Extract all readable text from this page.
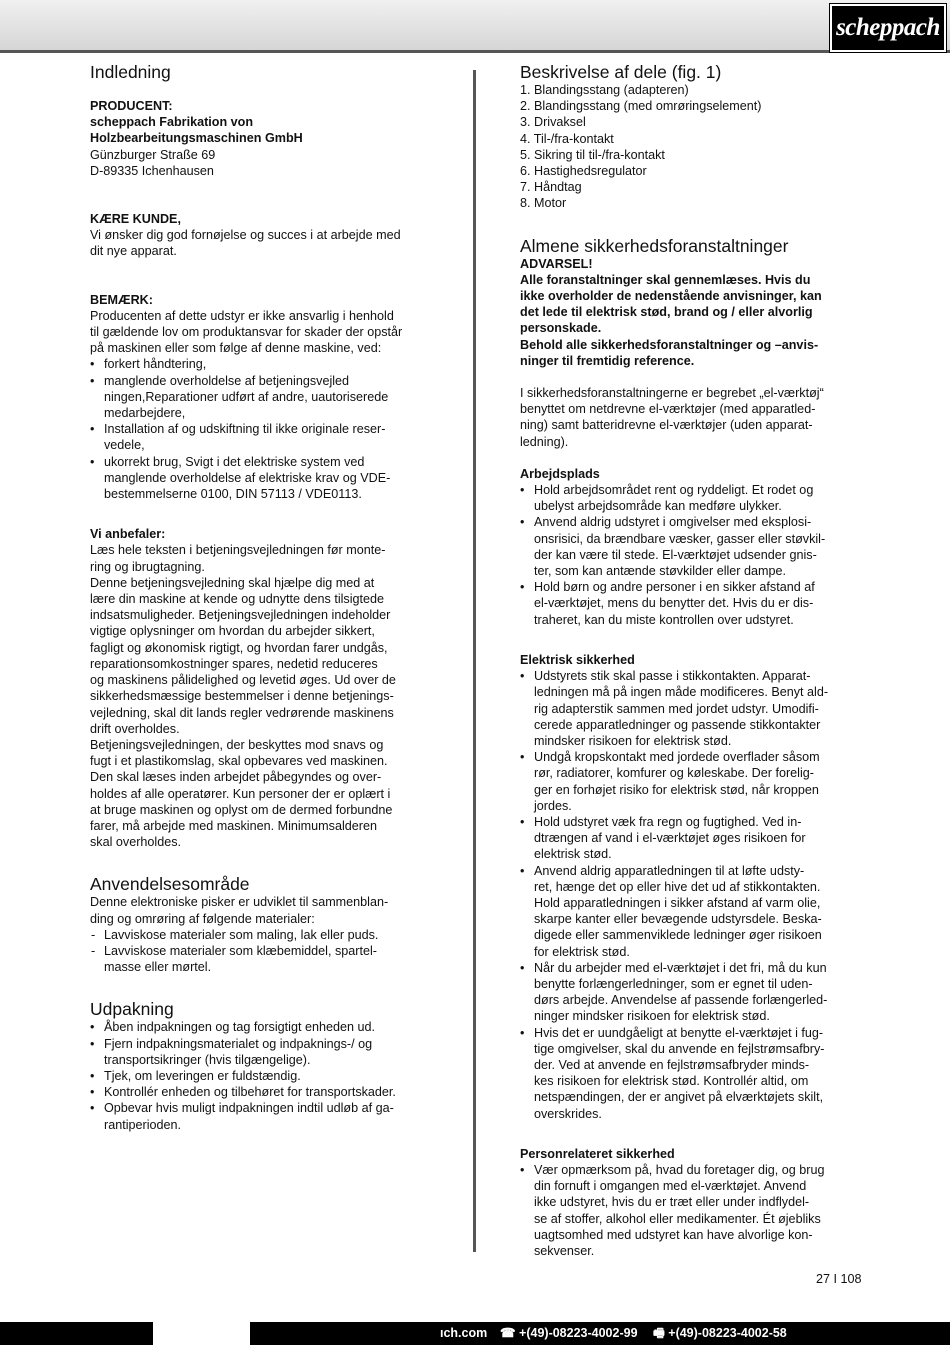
scheppach
Indledning
PRODUCENT:
scheppach Fabrikation von
Holzbearbeitungsmaschinen GmbH
Günzburger Straße 69
D-89335 Ichenhausen
KÆRE KUNDE,

Vi ønsker dig god fornøjelse og succes i at arbejde med
dit nye apparat.

BEMÆRK:

Producenten af dette udstyr er ikke ansvarlig i henhold
til gældende lov om produktansvar for skader der opstår
på maskinen eller som følge af denne maskine, ved:

• forkert håndtering,
• manglende overholdelse af betjeningsvejled
ningen,Reparationer udført af andre, uautoriserede
medarbejdere,
• Installation af og udskiftning til ikke originale reser-
vedele,
• ukorrekt brug, Svigt i det elektriske system ved
manglende overholdelse af elektriske krav og VDE-
bestemmelserne 0100, DIN 57113 / VDE0113.
Vi anbefaler:

Læs hele teksten i betjeningsvejledningen før monte-
ring og ibrugtagning.
Denne betjeningsvejledning skal hjælpe dig med at
lære din maskine at kende og udnytte dens tilsigtede
indsatsmuligheder. Betjeningsvejledningen indeholder
vigtige oplysninger om hvordan du arbejder sikkert,
fagligt og økonomisk rigtigt, og hvordan farer undgås,
reparationsomkostninger spares, nedetid reduceres
og maskinens pålidelighed og levetid øges. Ud over de
sikkerhedsmæssige bestemmelser i denne betjenings-
vejledning, skal dit lands regler vedrørende maskinens
drift overholdes.
Betjeningsvejledningen, der beskyttes mod snavs og
fugt i et plastikomslag, skal opbevares ved maskinen.
Den skal læses inden arbejdet påbegyndes og over-
holdes af alle operatører. Kun personer der er oplært i
at bruge maskinen og oplyst om de dermed forbundne
farer, må arbejde med maskinen. Minimumsalderen
skal overholdes.

Anvendelsesområde

Denne elektroniske pisker er udviklet til sammenblan-
ding og omrøring af følgende materialer:

- Lavviskose materialer som maling, lak eller puds.
- Lavviskose materialer som klæbemiddel, spartel-
masse eller mørtel.
Udpakning
• Åben indpakningen og tag forsigtigt enheden ud.
• Fjern indpakningsmaterialet og indpaknings-/ og
transportsikringer (hvis tilgængelige).
• Tjek, om leveringen er fuldstændig.
• Kontrollér enheden og tilbehøret for transportskader.
• Opbevar hvis muligt indpakningen indtil udløb af ga-
rantiperioden.
Beskrivelse af dele (fig. 1)
1. Blandingsstang (adapteren)
2. Blandingsstang (med omrøringselement)
3. Drivaksel
4. Til-/fra-kontakt
5. Sikring til til-/fra-kontakt
6. Hastighedsregulator
7. Håndtag
8. Motor
Almene sikkerhedsforanstaltninger
ADVARSEL!

Alle foranstaltninger skal gennemlæses. Hvis du
ikke overholder de nedenstående anvisninger, kan
det lede til elektrisk stød, brand og / eller alvorlig
personskade.
Behold alle sikkerhedsforanstaltninger og –anvis-
ninger til fremtidig reference.

I sikkerhedsforanstaltningerne er begrebet „el-værktøj“
benyttet om netdrevne el-værktøjer (med apparatled-
ning) samt batteridrevne el-værktøjer (uden apparat-
ledning).

Arbejdsplads
• Hold arbejdsområdet rent og ryddeligt. Et rodet og
ubelyst arbejdsområde kan medføre ulykker.
• Anvend aldrig udstyret i omgivelser med eksplosi-
onsrisici, da brændbare væsker, gasser eller støvkil-
der kan være til stede. El-værktøjet udsender gnis-
ter, som kan antænde støvkilder eller dampe.
• Hold børn og andre personer i en sikker afstand af
el-værktøjet, mens du benytter det. Hvis du er dis-
traheret, kan du miste kontrollen over udstyret.
Elektrisk sikkerhed
• Udstyrets stik skal passe i stikkontakten. Apparat-
ledningen må på ingen måde modificeres. Benyt ald-
rig adapterstik sammen med jordet udstyr. Umodifi-
cerede apparatledninger og passende stikkontakter
mindsker risikoen for elektrisk stød.
• Undgå kropskontakt med jordede overflader såsom
rør, radiatorer, komfurer og køleskabe. Der forelig-
ger en forhøjet risiko for elektrisk stød, når kroppen
jordes.
• Hold udstyret væk fra regn og fugtighed. Ved in-
dtrængen af vand i el-værktøjet øges risikoen for
elektrisk stød.
• Anvend aldrig apparatledningen til at løfte udsty-
ret, hænge det op eller hive det ud af stikkontakten.
Hold apparatledningen i sikker afstand af varm olie,
skarpe kanter eller bevægende udstyrsdele. Beska-
digede eller sammenviklede ledninger øger risikoen
for elektrisk stød.
• Når du arbejder med el-værktøjet i det fri, må du kun
benytte forlængerledninger, som er egnet til uden-
dørs arbejde. Anvendelse af passende forlængerled-
ninger mindsker risikoen for elektrisk stød.
• Hvis det er uundgåeligt at benytte el-værktøjet i fug-
tige omgivelser, skal du anvende en fejlstrømsafbry-
der. Ved at anvende en fejlstrømsafbryder minds-
kes risikoen for elektrisk stød. Kontrollér altid, om
netspændingen, der er angivet på elværktøjets skilt,
overskrides.
Personrelateret sikkerhed
• Vær opmærksom på, hvad du foretager dig, og brug
din fornuft i omgangen med el-værktøjet. Anvend
ikke udstyret, hvis du er træt eller under indflydel-
se af stoffer, alkohol eller medikamenter. Ét øjebliks
uagtsomhed med udstyret kan have alvorlige kon-
sekvenser.
27 I 108
ıch.com ☎ +(49)-08223-4002-99 🖷 +(49)-08223-4002-58
